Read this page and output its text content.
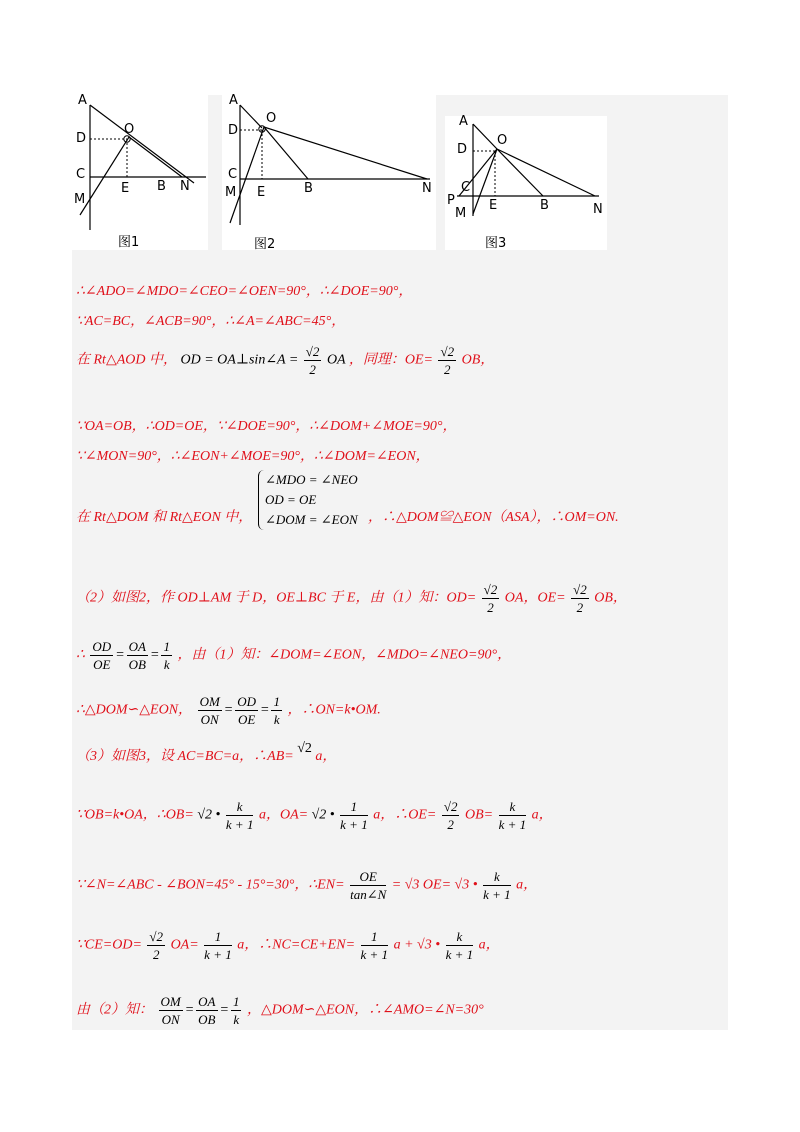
A
D
O
C
M
E B N
图1
A
D
O
C
M E	B	N
图2
A
D
O
C
P
M
E	B	N
图3
∴∠ADO=∠MDO=∠CEO=∠OEN=90°，∴∠DOE=90°，
∵AC=BC，∠ACB=90°，∴∠A=∠ABC=45°，
在 Rt△AOD 中， OD = OA⊥sin∠A = $\frac{√2}{2}$ OA ，同理：$OE= \frac{√2}{2}$ OB，
∵OA=OB，∴OD=OE，∵∠DOE=90°，∴∠DOM+∠MOE=90°，
∵∠MON=90°，∴∠EON+∠MOE=90°，∴∠DOM=∠EON，
在 Rt△DOM 和 Rt△EON 中，
∠MDO = ∠NEO
OD = OE
∠DOM = ∠EON ，∴△DOM≌△EON（ASA），∴OM=ON.
（2）如图2，作 OD⊥AM 于 D，OE⊥BC 于 E，由（1）知：$OD= \frac{√2}{2}$ OA，$OE= \frac{√2}{2}$ OB，
∴ $\frac{OD}{OE} = \frac{OA}{OB} = \frac{1}{k}$ ，由（1）知：∠DOM=∠EON，∠MDO=∠NEO=90°，
∴△DOM∽△EON， $\frac{OM}{ON} = \frac{OD}{OE} = \frac{1}{k}$ ，∴ON=k•OM.
（3）如图3，设 AC=BC=a，∴AB= √2 a，
∵OB=k•OA，∴OB= √2 • $\frac{k}{k + 1}$ a，OA= √2 • $\frac{1}{k + 1}$ a，∴OE= $\frac{√2}{2} OB= \frac{k}{k + 1}$ a，
∵∠N=∠ABC - ∠BON=45° - 15°=30°，∴EN= $\frac{OE}{\tan\angle N} = √3$ OE= √3 • $\frac{k}{k + 1}$ a，
∵CE=OD= $\frac{√2}{2} OA= \frac{1}{k + 1}$ a，∴NC=CE+EN= $\frac{1}{k + 1}$ a + √3 • $\frac{k}{k + 1}$ a，
由（2）知： $\frac{OM}{ON} = \frac{OA}{OB} = \frac{1}{k}$ ，△DOM∽△EON，∴∠AMO=∠N=30°
